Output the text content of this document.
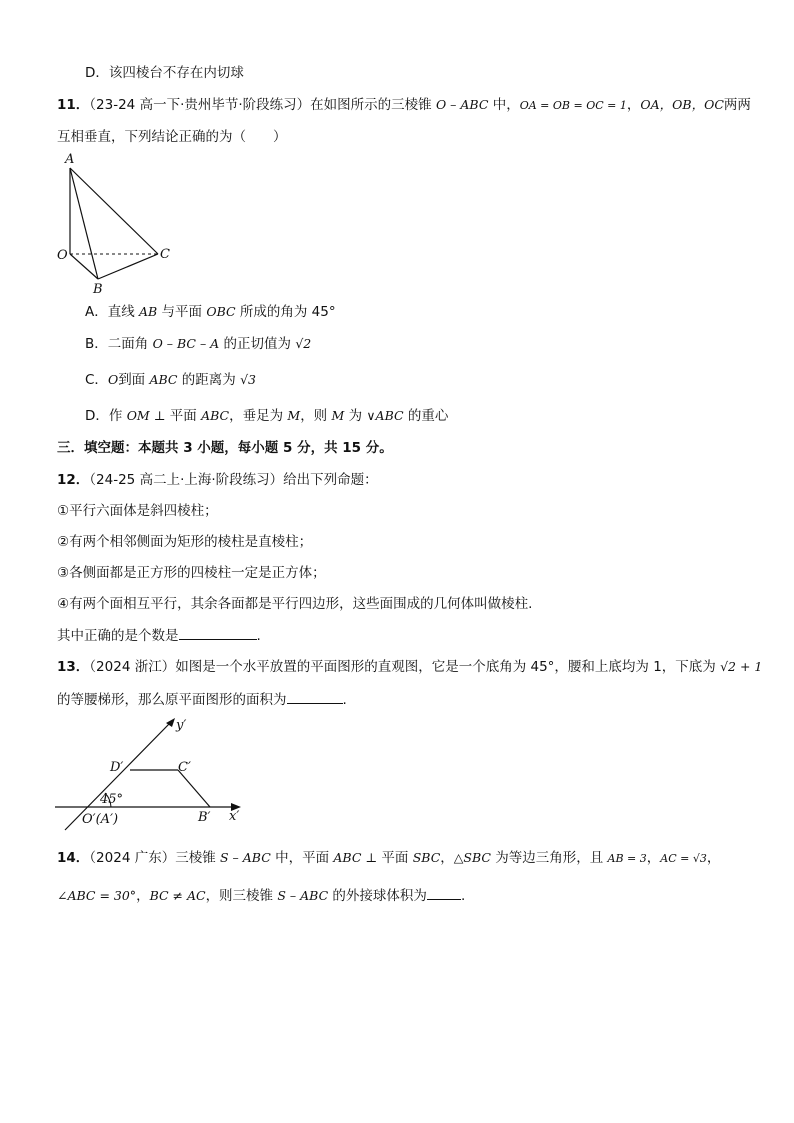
D．该四棱台不存在内切球
11．（23-24 高一下·贵州毕节·阶段练习）在如图所示的三棱锥 O – ABC 中，OA = OB = OC = 1，OA，OB，OC两两
互相垂直，下列结论正确的为（　　）
A
O
B
C
A．直线 AB 与平面 OBC 所成的角为 45°
B．二面角 O – BC – A 的正切值为 √2
C．O到面 ABC 的距离为 √3
D．作 OM ⊥ 平面 ABC，垂足为 M，则 M 为 ∨ABC 的重心
三．填空题：本题共 3 小题，每小题 5 分，共 15 分。
12．（24-25 高二上·上海·阶段练习）给出下列命题：
①平行六面体是斜四棱柱；
②有两个相邻侧面为矩形的棱柱是直棱柱；
③各侧面都是正方形的四棱柱一定是正方体；
④有两个面相互平行，其余各面都是平行四边形，这些面围成的几何体叫做棱柱.
其中正确的是个数是	.
13．（2024 浙江）如图是一个水平放置的平面图形的直观图，它是一个底角为 45°，腰和上底均为 1，下底为 √2 + 1
的等腰梯形，那么原平面图形的面积为	.
y′
D′	C′
45°
O′(A′)	B′ x′
14．（2024 广东）三棱锥 S – ABC 中，平面 ABC ⊥ 平面 SBC，△SBC 为等边三角形，且 AB = 3，AC = √3，
∠ABC = 30°，BC ≠ AC，则三棱锥 S – ABC 的外接球体积为	.
